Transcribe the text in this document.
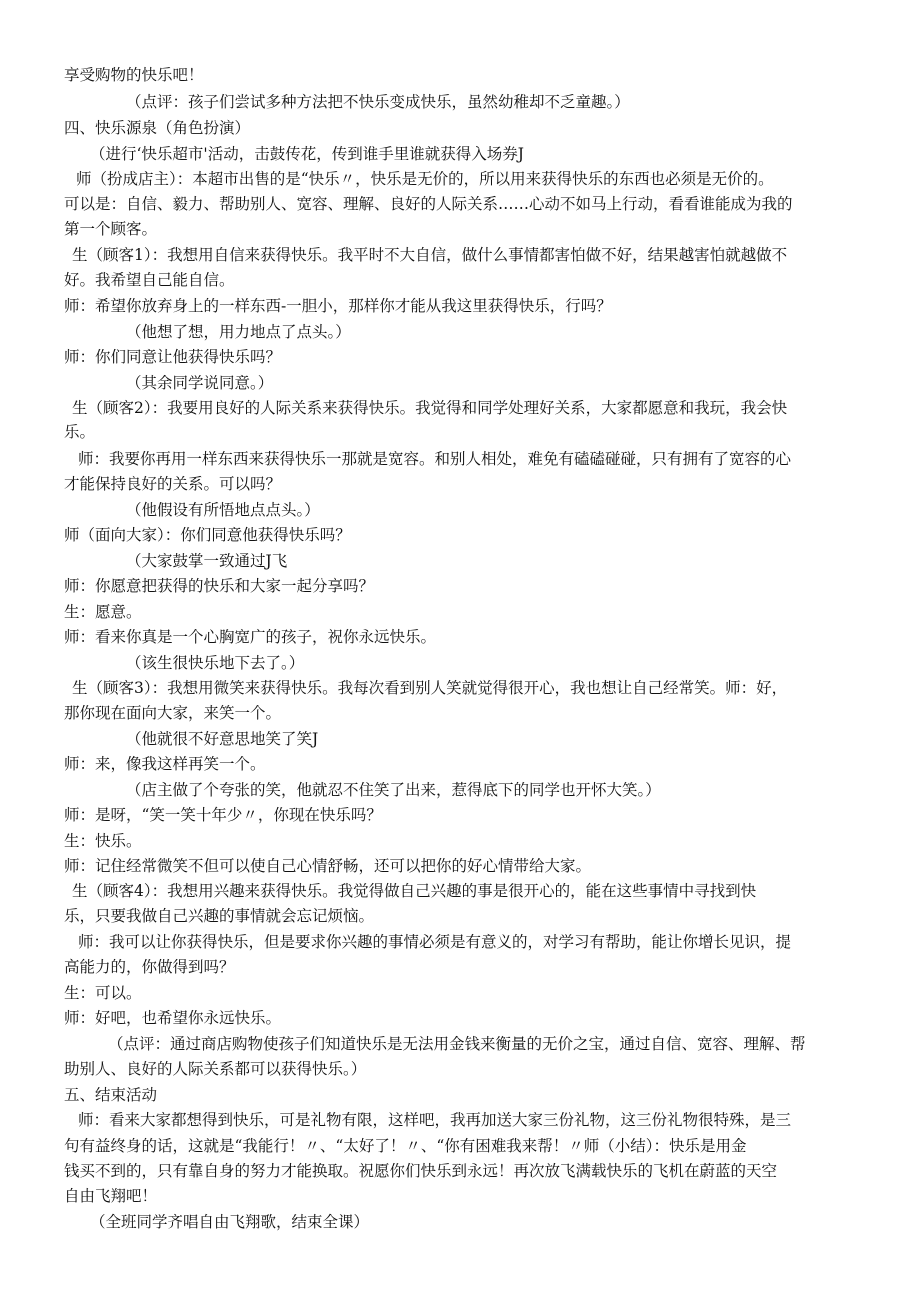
享受购物的快乐吧！
（点评：孩子们尝试多种方法把不快乐变成快乐，虽然幼稚却不乏童趣。）
四、快乐源泉（角色扮演）
（进行‘快乐超市'活动，击鼓传花，传到谁手里谁就获得入场券J
师（扮成店主）：本超市出售的是“快乐〃，快乐是无价的，所以用来获得快乐的东西也必须是无价的。
可以是：自信、毅力、帮助别人、宽容、理解、良好的人际关系……心动不如马上行动，看看谁能成为我的
第一个顾客。
生（顾客1）：我想用自信来获得快乐。我平时不大自信，做什么事情都害怕做不好，结果越害怕就越做不
好。我希望自己能自信。
师：希望你放弃身上的一样东西-一胆小，那样你才能从我这里获得快乐，行吗？
（他想了想，用力地点了点头。）
师：你们同意让他获得快乐吗？
（其余同学说同意。）
生（顾客2）：我要用良好的人际关系来获得快乐。我觉得和同学处理好关系，大家都愿意和我玩，我会快
乐。
师：我要你再用一样东西来获得快乐一那就是宽容。和别人相处，难免有磕磕碰碰，只有拥有了宽容的心
才能保持良好的关系。可以吗？
（他假设有所悟地点点头。）
师（面向大家）：你们同意他获得快乐吗？
（大家鼓掌一致通过J飞
师：你愿意把获得的快乐和大家一起分享吗？
生：愿意。
师：看来你真是一个心胸宽广的孩子，祝你永远快乐。
（该生很快乐地下去了。）
生（顾客3）：我想用微笑来获得快乐。我每次看到别人笑就觉得很开心，我也想让自己经常笑。师：好，
那你现在面向大家，来笑一个。
（他就很不好意思地笑了笑J
师：来，像我这样再笑一个。
（店主做了个夸张的笑，他就忍不住笑了出来，惹得底下的同学也开怀大笑。）
师：是呀，“笑一笑十年少〃，你现在快乐吗？
生：快乐。
师：记住经常微笑不但可以使自己心情舒畅，还可以把你的好心情带给大家。
生（顾客4）：我想用兴趣来获得快乐。我觉得做自己兴趣的事是很开心的，能在这些事情中寻找到快
乐，只要我做自己兴趣的事情就会忘记烦恼。
师：我可以让你获得快乐，但是要求你兴趣的事情必须是有意义的，对学习有帮助，能让你增长见识，提
高能力的，你做得到吗？
生：可以。
师：好吧，也希望你永远快乐。
（点评：通过商店购物使孩子们知道快乐是无法用金钱来衡量的无价之宝，通过自信、宽容、理解、帮
助别人、良好的人际关系都可以获得快乐。）
五、结束活动
师：看来大家都想得到快乐，可是礼物有限，这样吧，我再加送大家三份礼物，这三份礼物很特殊，是三
句有益终身的话，这就是“我能行！〃、“太好了！〃、“你有困难我来帮！〃师（小结）：快乐是用金
钱买不到的，只有靠自身的努力才能换取。祝愿你们快乐到永远！再次放飞满载快乐的飞机在蔚蓝的天空
自由飞翔吧！
（全班同学齐唱自由飞翔歌，结束全课）
